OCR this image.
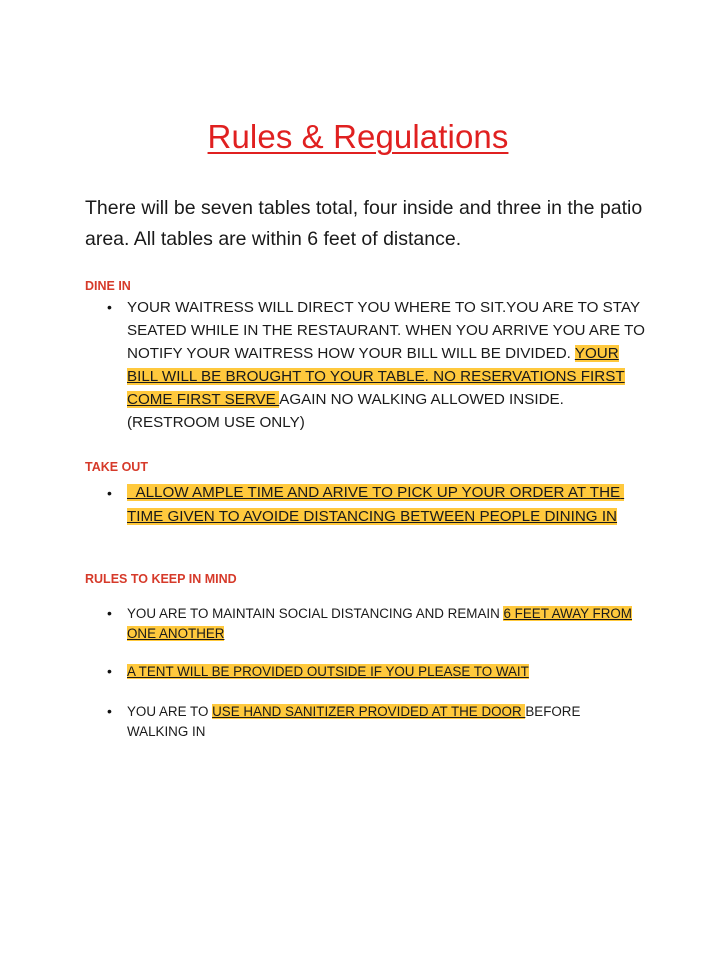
Rules & Regulations
There will be seven tables total, four inside and three in the patio area. All tables are within 6 feet of distance.
DINE IN
• YOUR WAITRESS WILL DIRECT YOU WHERE TO SIT.YOU ARE TO STAY SEATED WHILE IN THE RESTAURANT. WHEN YOU ARRIVE YOU ARE TO NOTIFY YOUR WAITRESS HOW YOUR BILL WILL BE DIVIDED. YOUR BILL WILL BE BROUGHT TO YOUR TABLE. NO RESERVATIONS FIRST COME FIRST SERVE AGAIN NO WALKING ALLOWED INSIDE. (RESTROOM USE ONLY)
TAKE OUT
• ALLOW AMPLE TIME AND ARIVE TO PICK UP YOUR ORDER AT THE TIME GIVEN TO AVOIDE DISTANCING BETWEEN PEOPLE DINING IN
RULES TO KEEP IN MIND
• YOU ARE TO MAINTAIN SOCIAL DISTANCING AND REMAIN 6 FEET AWAY FROM ONE ANOTHER
• A TENT WILL BE PROVIDED OUTSIDE IF YOU PLEASE TO WAIT
• YOU ARE TO USE HAND SANITIZER PROVIDED AT THE DOOR BEFORE WALKING IN
